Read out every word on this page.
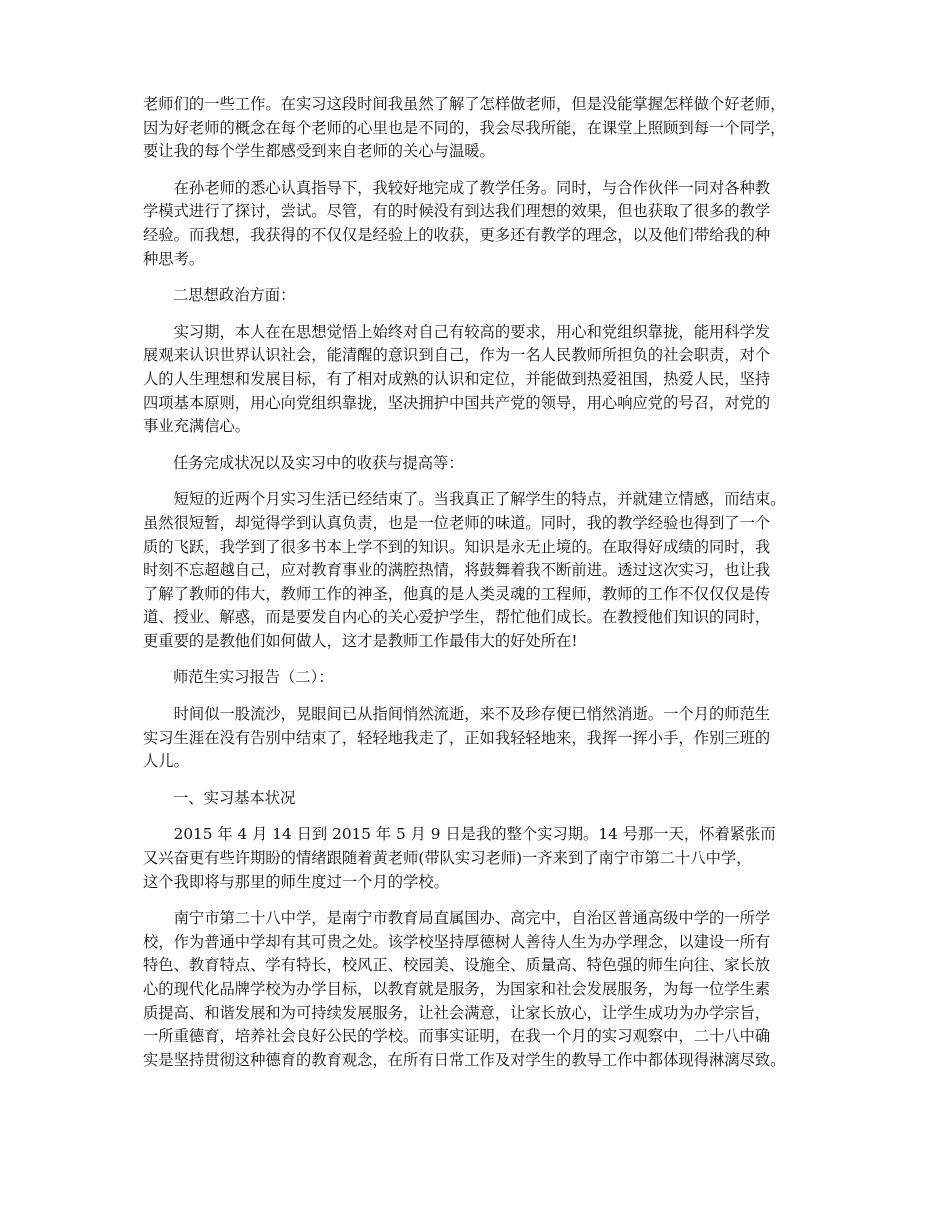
老师们的一些工作。在实习这段时间我虽然了解了怎样做老师，但是没能掌握怎样做个好老师，
因为好老师的概念在每个老师的心里也是不同的，我会尽我所能，在课堂上照顾到每一个同学，
要让我的每个学生都感受到来自老师的关心与温暖。
　　在孙老师的悉心认真指导下，我较好地完成了教学任务。同时，与合作伙伴一同对各种教
学模式进行了探讨，尝试。尽管，有的时候没有到达我们理想的效果，但也获取了很多的教学
经验。而我想，我获得的不仅仅是经验上的收获，更多还有教学的理念，以及他们带给我的种
种思考。
二思想政治方面：
　　实习期，本人在在思想觉悟上始终对自己有较高的要求，用心和党组织靠拢，能用科学发
展观来认识世界认识社会，能清醒的意识到自己，作为一名人民教师所担负的社会职责，对个
人的人生理想和发展目标，有了相对成熟的认识和定位，并能做到热爱祖国，热爱人民，坚持
四项基本原则，用心向党组织靠拢，坚决拥护中国共产党的领导，用心响应党的号召，对党的
事业充满信心。
任务完成状况以及实习中的收获与提高等：
　　短短的近两个月实习生活已经结束了。当我真正了解学生的特点，并就建立情感，而结束。
虽然很短暂，却觉得学到认真负责，也是一位老师的味道。同时，我的教学经验也得到了一个
质的飞跃，我学到了很多书本上学不到的知识。知识是永无止境的。在取得好成绩的同时，我
时刻不忘超越自己，应对教育事业的满腔热情，将鼓舞着我不断前进。透过这次实习，也让我
了解了教师的伟大，教师工作的神圣，他真的是人类灵魂的工程师，教师的工作不仅仅仅是传
道、授业、解惑，而是要发自内心的关心爱护学生，帮忙他们成长。在教授他们知识的同时，
更重要的是教他们如何做人，这才是教师工作最伟大的好处所在!
师范生实习报告（二）：
　　时间似一股流沙，晃眼间已从指间悄然流逝，来不及珍存便已悄然消逝。一个月的师范生
实习生涯在没有告别中结束了，轻轻地我走了，正如我轻轻地来，我挥一挥小手，作别三班的
人儿。
一、实习基本状况
　　2015 年 4 月 14 日到 2015 年 5 月 9 日是我的整个实习期。14 号那一天，怀着紧张而
又兴奋更有些许期盼的情绪跟随着黄老师(带队实习老师)一齐来到了南宁市第二十八中学，
这个我即将与那里的师生度过一个月的学校。
　　南宁市第二十八中学，是南宁市教育局直属国办、高完中，自治区普通高级中学的一所学
校，作为普通中学却有其可贵之处。该学校坚持厚德树人善待人生为办学理念，以建设一所有
特色、教育特点、学有特长，校风正、校园美、设施全、质量高、特色强的师生向往、家长放
心的现代化品牌学校为办学目标，以教育就是服务，为国家和社会发展服务，为每一位学生素
质提高、和谐发展和为可持续发展服务，让社会满意，让家长放心，让学生成功为办学宗旨，
一所重德育，培养社会良好公民的学校。而事实证明，在我一个月的实习观察中，二十八中确
实是坚持贯彻这种德育的教育观念，在所有日常工作及对学生的教导工作中都体现得淋漓尽致。
